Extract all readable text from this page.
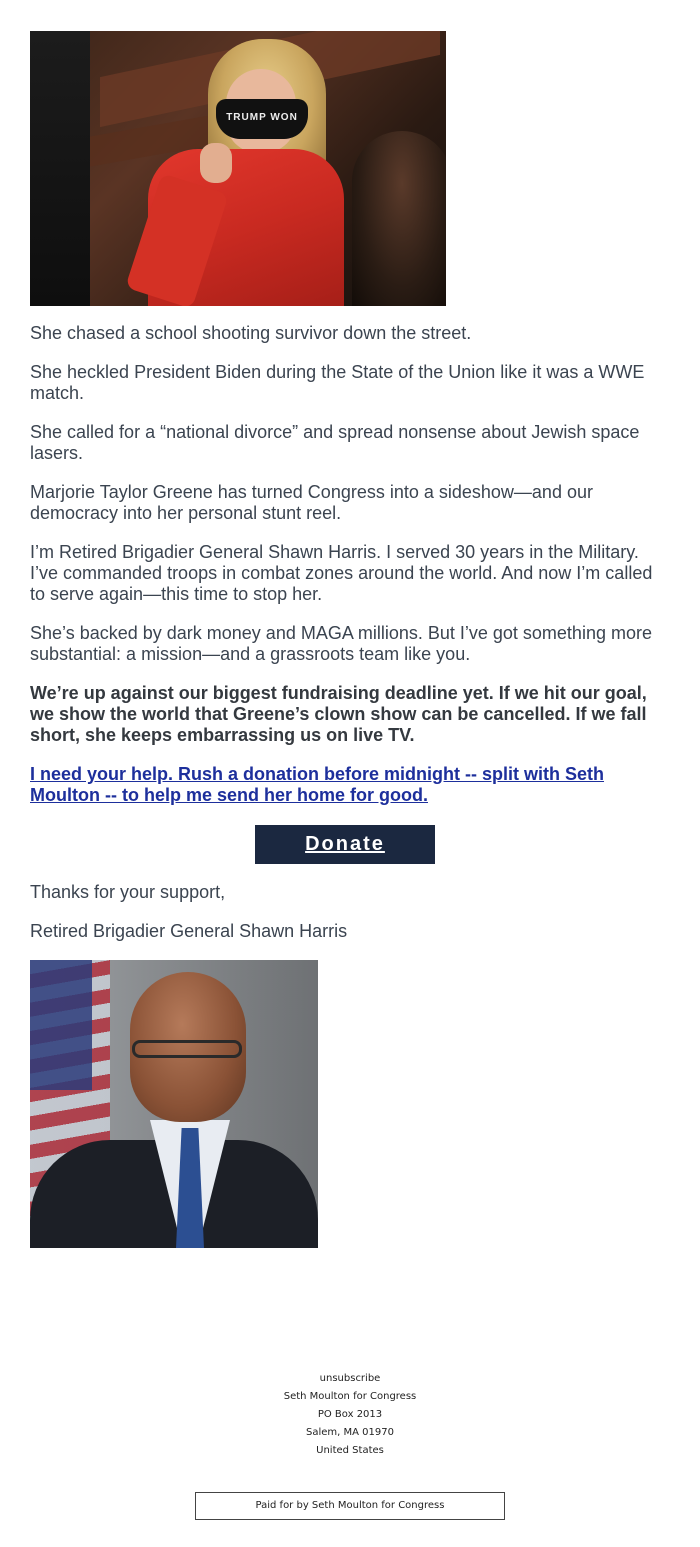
TRUMP WON

She chased a school shooting survivor down the street.

She heckled President Biden during the State of the Union like it was a WWE match.

She called for a “national divorce” and spread nonsense about Jewish space lasers.

Marjorie Taylor Greene has turned Congress into a sideshow—and our democracy into her personal stunt reel.

I’m Retired Brigadier General Shawn Harris. I served 30 years in the Military. I’ve commanded troops in combat zones around the world. And now I’m called to serve again—this time to stop her.

She’s backed by dark money and MAGA millions. But I’ve got something more substantial: a mission—and a grassroots team like you.

We’re up against our biggest fundraising deadline yet. If we hit our goal, we show the world that Greene’s clown show can be cancelled. If we fall short, she keeps embarrassing us on live TV.

I need your help. Rush a donation before midnight -- split with Seth Moulton -- to help me send her home for good.
Donate

Thanks for your support,

Retired Brigadier General Shawn Harris

unsubscribe
Seth Moulton for Congress
PO Box 2013
Salem, MA 01970
United States
Paid for by Seth Moulton for Congress
